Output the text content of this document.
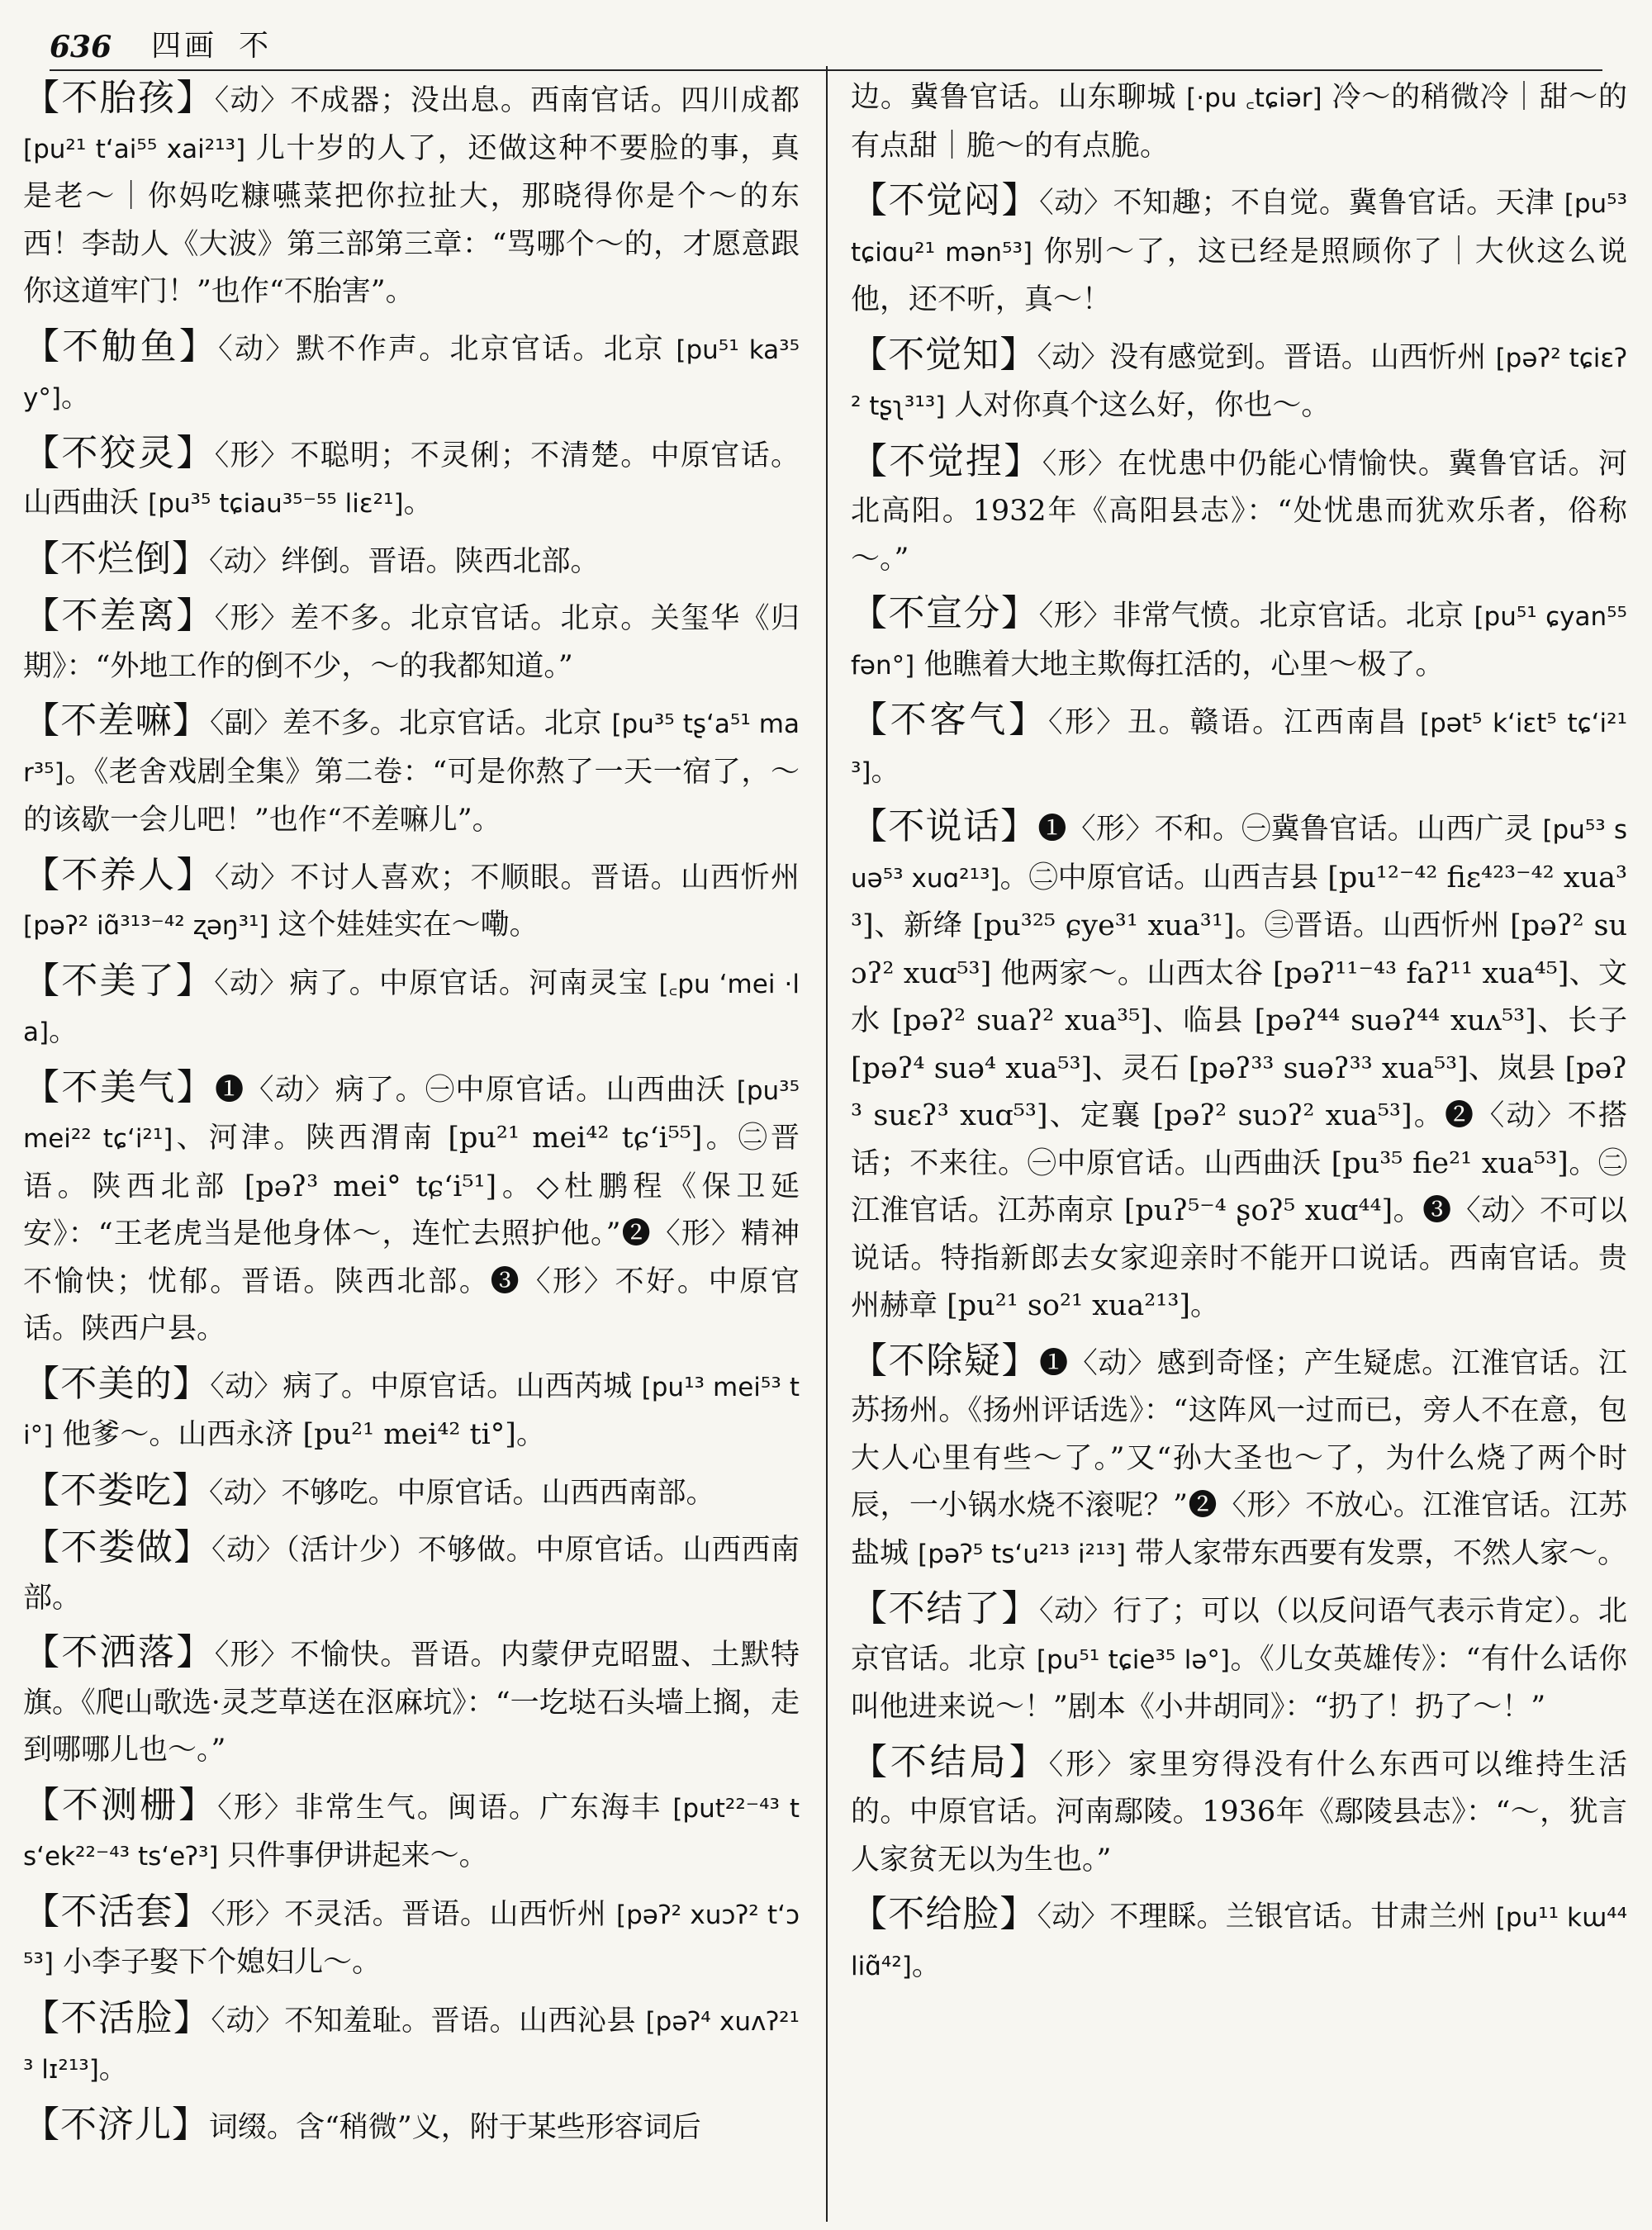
636 四画 不
【不胎孩】〈动〉不成器；没出息。西南官话。四川成都 [pu²¹ t‘ai⁵⁵ xai²¹³] 儿十岁的人了，还做这种不要脸的事，真是老～｜你妈吃糠嚥菜把你拉扯大，那晓得你是个～的东西！李劼人《大波》第三部第三章：“骂哪个～的，才愿意跟你这道牢门！”也作“不胎害”。
【不觔鱼】〈动〉默不作声。北京官话。北京 [pu⁵¹ ka³⁵ y°]。
【不狡灵】〈形〉不聪明；不灵俐；不清楚。中原官话。山西曲沃 [pu³⁵ tɕiau³⁵⁻⁵⁵ liɛ²¹]。
【不烂倒】〈动〉绊倒。晋语。陕西北部。
【不差离】〈形〉差不多。北京官话。北京。关玺华《归期》：“外地工作的倒不少，～的我都知道。”
【不差嘛】〈副〉差不多。北京官话。北京 [pu³⁵ tʂ‘a⁵¹ mar³⁵]。《老舍戏剧全集》第二卷：“可是你熬了一天一宿了，～的该歇一会儿吧！”也作“不差嘛儿”。
【不养人】〈动〉不讨人喜欢；不顺眼。晋语。山西忻州 [pəʔ² iɑ̃³¹³⁻⁴² ʐəŋ³¹] 这个娃娃实在～嘞。
【不美了】〈动〉病了。中原官话。河南灵宝 [꜀pu ‘mei ·la]。
【不美气】❶〈动〉病了。㊀中原官话。山西曲沃 [pu³⁵ mei²² tɕ‘i²¹]、河津。陕西渭南 [pu²¹ mei⁴² tɕ‘i⁵⁵]。㊁晋语。陕西北部 [pəʔ³ mei° tɕ‘i⁵¹]。◇杜鹏程《保卫延安》：“王老虎当是他身体～，连忙去照护他。”❷〈形〉精神不愉快；忧郁。晋语。陕西北部。❸〈形〉不好。中原官话。陕西户县。
【不美的】〈动〉病了。中原官话。山西芮城 [pu¹³ mei⁵³ ti°] 他爹～。山西永济 [pu²¹ mei⁴² ti°]。
【不娄吃】〈动〉不够吃。中原官话。山西西南部。
【不娄做】〈动〉（活计少）不够做。中原官话。山西西南部。
【不洒落】〈形〉不愉快。晋语。内蒙伊克昭盟、土默特旗。《爬山歌选·灵芝草送在沤麻坑》：“一圪垯石头墙上搁，走到哪哪儿也～。”
【不测栅】〈形〉非常生气。闽语。广东海丰 [put²²⁻⁴³ ts‘ek²²⁻⁴³ ts‘eʔ³] 只件事伊讲起来～。
【不活套】〈形〉不灵活。晋语。山西忻州 [pəʔ² xuɔʔ² t‘ɔ⁵³] 小李子娶下个媳妇儿～。
【不活脸】〈动〉不知羞耻。晋语。山西沁县 [pəʔ⁴ xuʌʔ²¹³ lɪ²¹³]。
【不济儿】词缀。含“稍微”义，附于某些形容词后
边。冀鲁官话。山东聊城 [·pu ꜀tɕiər] 冷～的稍微冷｜甜～的有点甜｜脆～的有点脆。
【不觉闷】〈动〉不知趣；不自觉。冀鲁官话。天津 [pu⁵³ tɕiɑu²¹ mən⁵³] 你别～了，这已经是照顾你了｜大伙这么说他，还不听，真～！
【不觉知】〈动〉没有感觉到。晋语。山西忻州 [pəʔ² tɕiɛʔ² tʂʅ³¹³] 人对你真个这么好，你也～。
【不觉捏】〈形〉在忧患中仍能心情愉快。冀鲁官话。河北高阳。1932年《高阳县志》：“处忧患而犹欢乐者，俗称～。”
【不宣分】〈形〉非常气愤。北京官话。北京 [pu⁵¹ ɕyan⁵⁵ fən°] 他瞧着大地主欺侮扛活的，心里～极了。
【不客气】〈形〉丑。赣语。江西南昌 [pət⁵ k‘iɛt⁵ tɕ‘i²¹³]。
【不说话】❶〈形〉不和。㊀冀鲁官话。山西广灵 [pu⁵³ suə⁵³ xuɑ²¹³]。㊁中原官话。山西吉县 [pu¹²⁻⁴² fiɛ⁴²³⁻⁴² xua³³]、新绛 [pu³²⁵ ɕye³¹ xua³¹]。㊂晋语。山西忻州 [pəʔ² suɔʔ² xuɑ⁵³] 他两家～。山西太谷 [pəʔ¹¹⁻⁴³ faʔ¹¹ xua⁴⁵]、文水 [pəʔ² suaʔ² xua³⁵]、临县 [pəʔ⁴⁴ suəʔ⁴⁴ xuʌ⁵³]、长子 [pəʔ⁴ suə⁴ xua⁵³]、灵石 [pəʔ³³ suəʔ³³ xua⁵³]、岚县 [pəʔ³ suɛʔ³ xuɑ⁵³]、定襄 [pəʔ² suɔʔ² xua⁵³]。❷〈动〉不搭话；不来往。㊀中原官话。山西曲沃 [pu³⁵ fie²¹ xua⁵³]。㊁江淮官话。江苏南京 [puʔ⁵⁻⁴ ʂoʔ⁵ xuɑ⁴⁴]。❸〈动〉不可以说话。特指新郎去女家迎亲时不能开口说话。西南官话。贵州赫章 [pu²¹ so²¹ xua²¹³]。
【不除疑】❶〈动〉感到奇怪；产生疑虑。江淮官话。江苏扬州。《扬州评话选》：“这阵风一过而已，旁人不在意，包大人心里有些～了。”又“孙大圣也～了，为什么烧了两个时辰，一小锅水烧不滚呢？”❷〈形〉不放心。江淮官话。江苏盐城 [pəʔ⁵ ts‘u²¹³ i²¹³] 带人家带东西要有发票，不然人家～。
【不结了】〈动〉行了；可以（以反问语气表示肯定）。北京官话。北京 [pu⁵¹ tɕie³⁵ lə°]。《儿女英雄传》：“有什么话你叫他进来说～！”剧本《小井胡同》：“扔了！扔了～！”
【不结局】〈形〉家里穷得没有什么东西可以维持生活的。中原官话。河南鄢陵。1936年《鄢陵县志》：“～，犹言人家贫无以为生也。”
【不给脸】〈动〉不理睬。兰银官话。甘肃兰州 [pu¹¹ kɯ⁴⁴ liɑ̃⁴²]。
